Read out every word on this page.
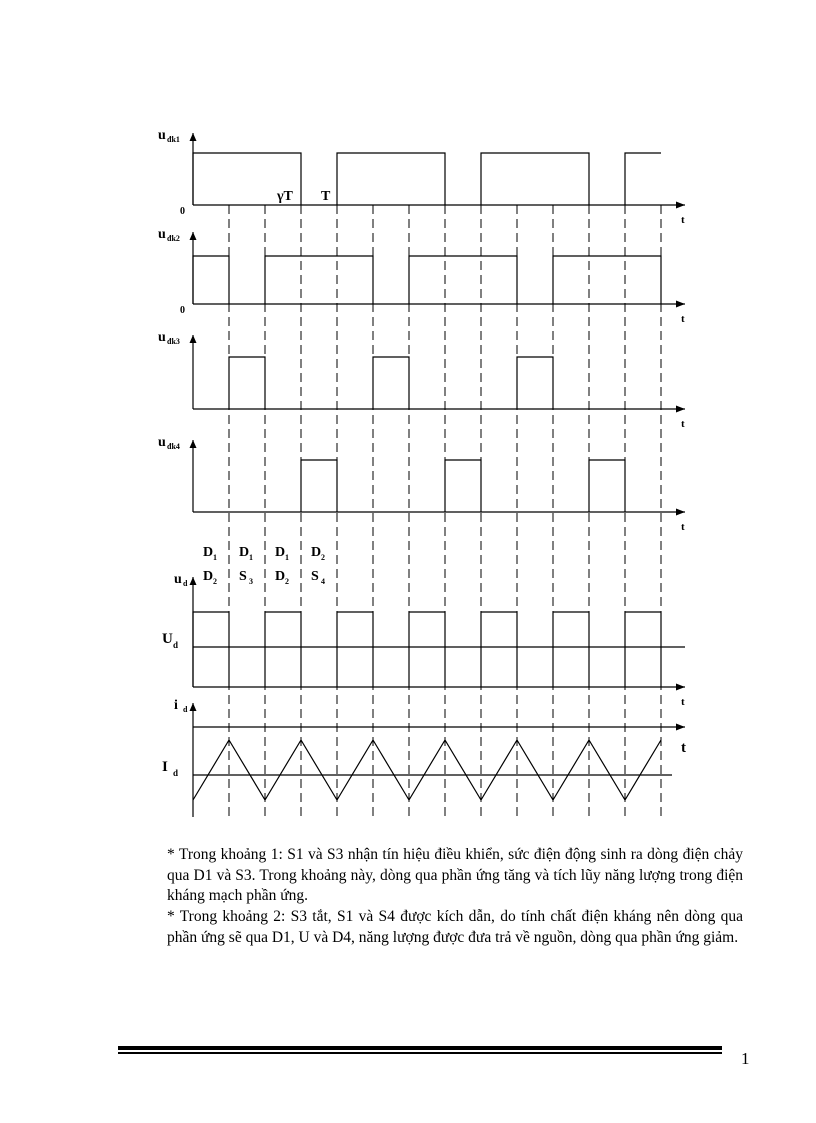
u đk1
t
0
u đk2
t
0
u đk3
t
u đk4
t
u d
t
U d
i d
t
I d
γT T
D 1
D 2
D 1
S 3
D 1
D 2
D 2
S 4

* Trong khoảng 1: S1 và S3 nhận tín hiệu điều khiển, sức điện động sinh ra dòng điện chảy qua D1 và S3. Trong khoảng này, dòng qua phần ứng tăng và tích lũy năng lượng trong điện kháng mạch phần ứng.

* Trong khoảng 2: S3 tắt, S1 và S4 được kích dẫn, do tính chất điện kháng nên dòng qua phần ứng sẽ qua D1, U và D4, năng lượng được đưa trả về nguồn, dòng qua phần ứng giảm.

1
